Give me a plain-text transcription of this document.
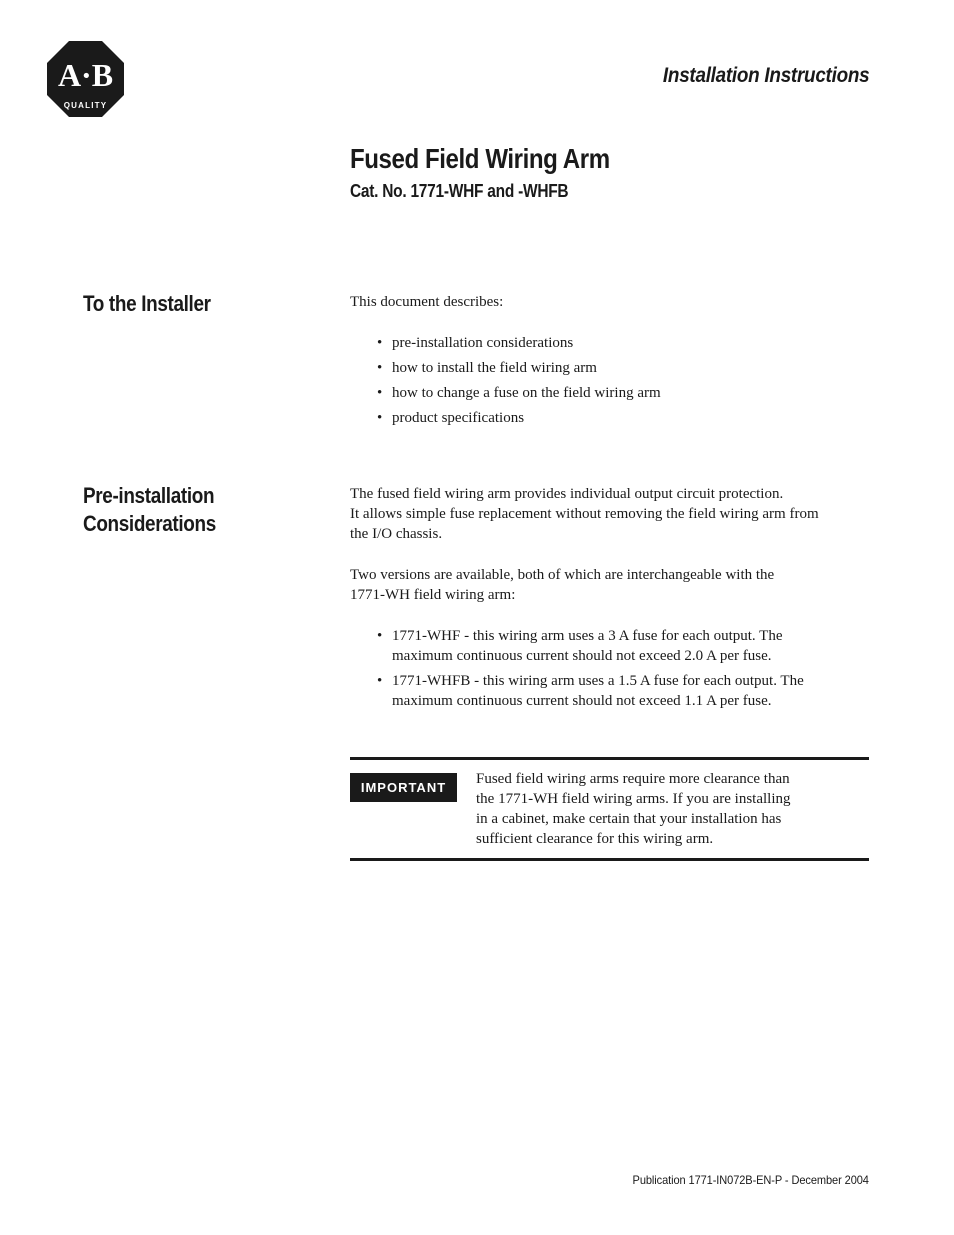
A·B
QUALITY
Installation Instructions
Fused Field Wiring Arm
Cat. No. 1771-WHF and -WHFB
To the Installer	This document describes:

• pre-installation considerations
• how to install the field wiring arm
• how to change a fuse on the field wiring arm
• product specifications
Pre-installation
Considerations

The fused field wiring arm provides individual output circuit protection.

It allows simple fuse replacement without removing the field wiring arm from

the I/O chassis.

Two versions are available, both of which are interchangeable with the

1771-WH field wiring arm:

• 1771-WHF - this wiring arm uses a 3 A fuse for each output. The
maximum continuous current should not exceed 2.0 A per fuse.
• 1771-WHFB - this wiring arm uses a 1.5 A fuse for each output. The
maximum continuous current should not exceed 1.1 A per fuse.
IMPORTANT
Fused field wiring arms require more clearance than
the 1771-WH field wiring arms. If you are installing
in a cabinet, make certain that your installation has
sufficient clearance for this wiring arm.
Publication 1771-IN072B-EN-P - December 2004
